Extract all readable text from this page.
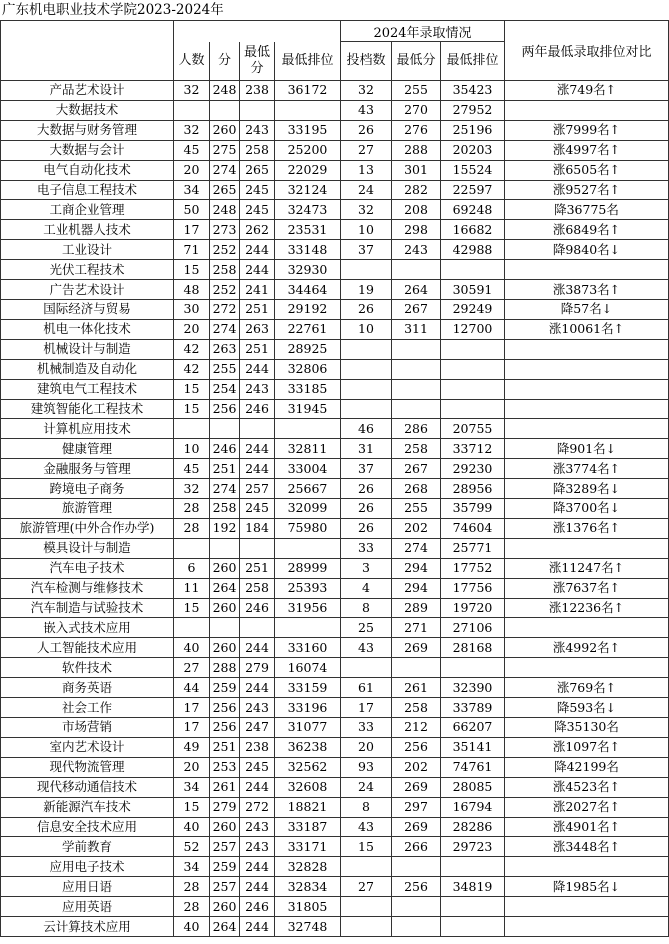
广东机电职业技术学院2023-2024年
					2024年录取情况			两年最低录取排位对比
	人数	分	最低分	最低排位	投档数	最低分	最低排位	
产品艺术设计	32	248	238	36172	32	255	35423	涨749名↑
大数据技术					43	270	27952	
大数据与财务管理	32	260	243	33195	26	276	25196	涨7999名↑
大数据与会计	45	275	258	25200	27	288	20203	涨4997名↑
电气自动化技术	20	274	265	22029	13	301	15524	涨6505名↑
电子信息工程技术	34	265	245	32124	24	282	22597	涨9527名↑
工商企业管理	50	248	245	32473	32	208	69248	降36775名
工业机器人技术	17	273	262	23531	10	298	16682	涨6849名↑
工业设计	71	252	244	33148	37	243	42988	降9840名↓
光伏工程技术	15	258	244	32930				
广告艺术设计	48	252	241	34464	19	264	30591	涨3873名↑
国际经济与贸易	30	272	251	29192	26	267	29249	降57名↓
机电一体化技术	20	274	263	22761	10	311	12700	涨10061名↑
机械设计与制造	42	263	251	28925				
机械制造及自动化	42	255	244	32806				
建筑电气工程技术	15	254	243	33185				
建筑智能化工程技术	15	256	246	31945				
计算机应用技术					46	286	20755	
健康管理	10	246	244	32811	31	258	33712	降901名↓
金融服务与管理	45	251	244	33004	37	267	29230	涨3774名↑
跨境电子商务	32	274	257	25667	26	268	28956	降3289名↓
旅游管理	28	258	245	32099	26	255	35799	降3700名↓
旅游管理(中外合作办学)	28	192	184	75980	26	202	74604	涨1376名↑
模具设计与制造					33	274	25771	
汽车电子技术	6	260	251	28999	3	294	17752	涨11247名↑
汽车检测与维修技术	11	264	258	25393	4	294	17756	涨7637名↑
汽车制造与试验技术	15	260	246	31956	8	289	19720	涨12236名↑
嵌入式技术应用					25	271	27106	
人工智能技术应用	40	260	244	33160	43	269	28168	涨4992名↑
软件技术	27	288	279	16074				
商务英语	44	259	244	33159	61	261	32390	涨769名↑
社会工作	17	256	243	33196	17	258	33789	降593名↓
市场营销	17	256	247	31077	33	212	66207	降35130名
室内艺术设计	49	251	238	36238	20	256	35141	涨1097名↑
现代物流管理	20	253	245	32562	93	202	74761	降42199名
现代移动通信技术	34	261	244	32608	24	269	28085	涨4523名↑
新能源汽车技术	15	279	272	18821	8	297	16794	涨2027名↑
信息安全技术应用	40	260	243	33187	43	269	28286	涨4901名↑
学前教育	52	257	243	33171	15	266	29723	涨3448名↑
应用电子技术	34	259	244	32828				
应用日语	28	257	244	32834	27	256	34819	降1985名↓
应用英语	28	260	246	31805				
云计算技术应用	40	264	244	32748				
